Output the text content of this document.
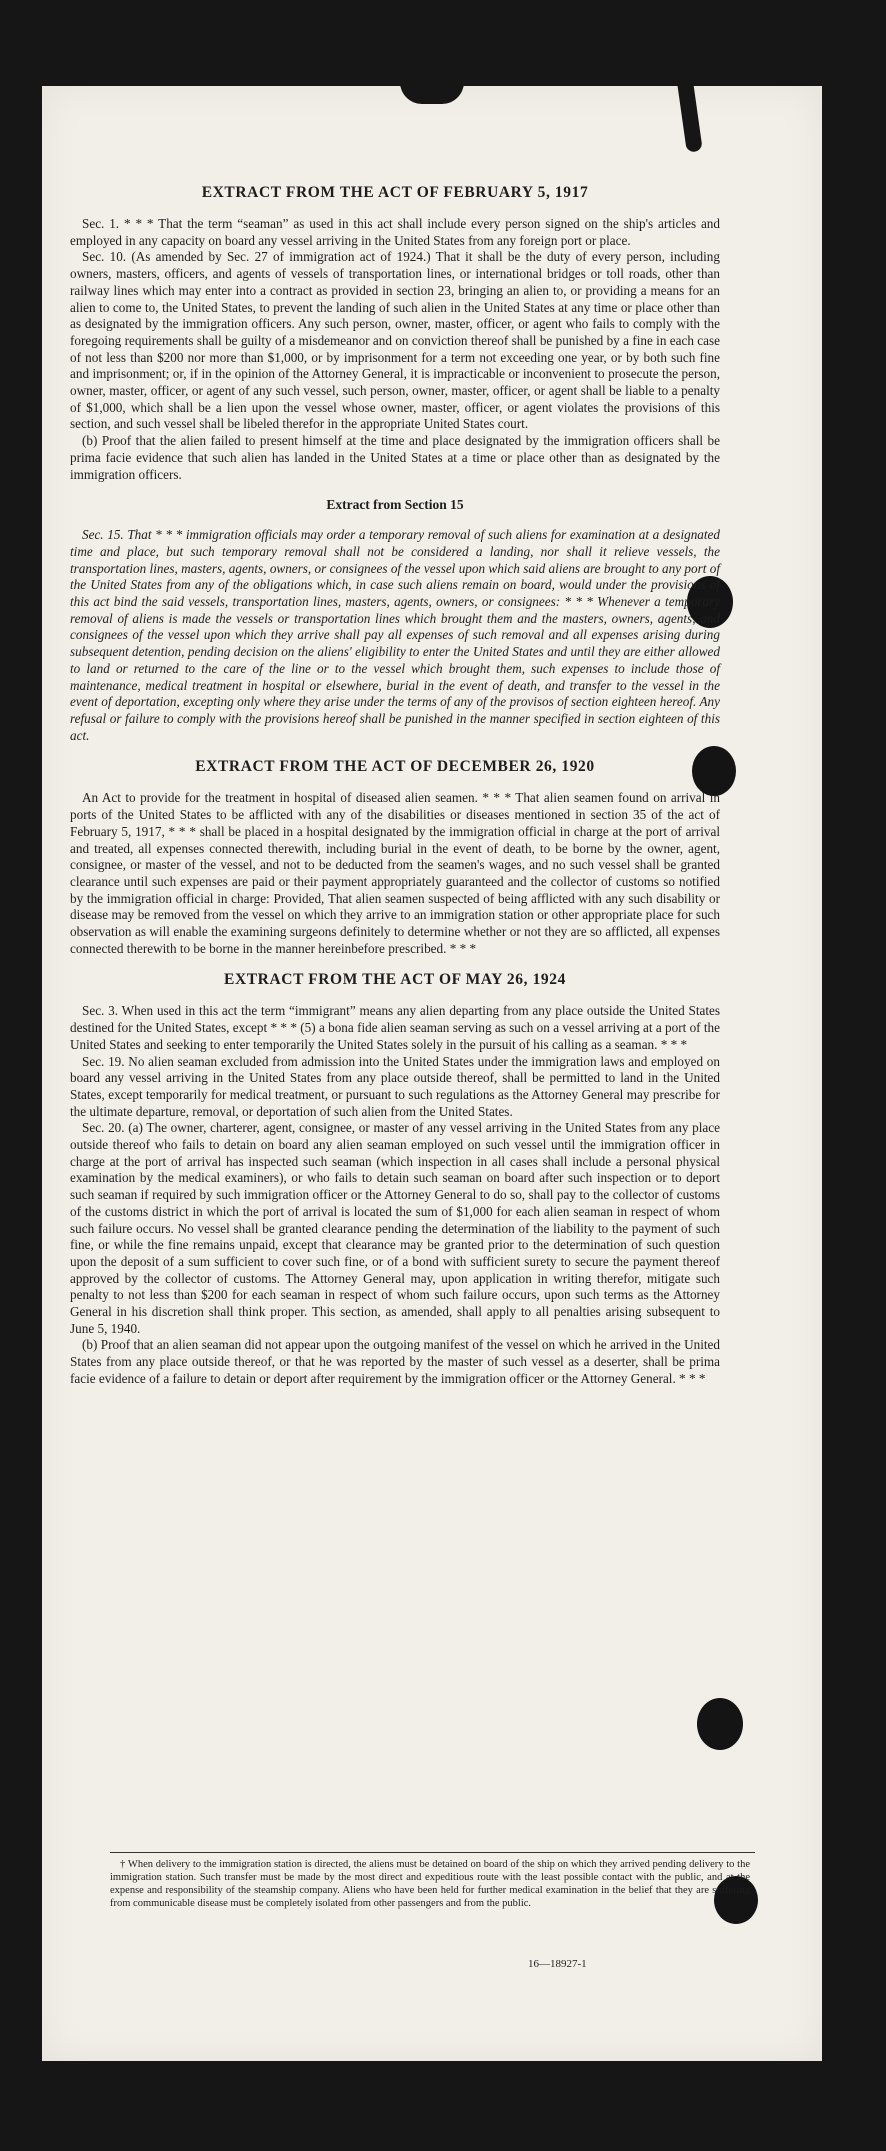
EXTRACT FROM THE ACT OF FEBRUARY 5, 1917

Sec. 1. * * * That the term “seaman” as used in this act shall include every person signed on the ship's articles and employed in any capacity on board any vessel arriving in the United States from any foreign port or place.

Sec. 10. (As amended by Sec. 27 of immigration act of 1924.) That it shall be the duty of every person, including owners, masters, officers, and agents of vessels of transportation lines, or international bridges or toll roads, other than railway lines which may enter into a contract as provided in section 23, bringing an alien to, or providing a means for an alien to come to, the United States, to prevent the landing of such alien in the United States at any time or place other than as designated by the immigration officers. Any such person, owner, master, officer, or agent who fails to comply with the foregoing requirements shall be guilty of a misdemeanor and on conviction thereof shall be punished by a fine in each case of not less than $200 nor more than $1,000, or by imprisonment for a term not exceeding one year, or by both such fine and imprisonment; or, if in the opinion of the Attorney General, it is impracticable or inconvenient to prosecute the person, owner, master, officer, or agent of any such vessel, such person, owner, master, officer, or agent shall be liable to a penalty of $1,000, which shall be a lien upon the vessel whose owner, master, officer, or agent violates the provisions of this section, and such vessel shall be libeled therefor in the appropriate United States court.

(b) Proof that the alien failed to present himself at the time and place designated by the immigration officers shall be prima facie evidence that such alien has landed in the United States at a time or place other than as designated by the immigration officers.

Extract from Section 15

Sec. 15. That * * * immigration officials may order a temporary removal of such aliens for examination at a designated time and place, but such temporary removal shall not be considered a landing, nor shall it relieve vessels, the transportation lines, masters, agents, owners, or consignees of the vessel upon which said aliens are brought to any port of the United States from any of the obligations which, in case such aliens remain on board, would under the provisions of this act bind the said vessels, transportation lines, masters, agents, owners, or consignees: * * * Whenever a temporary removal of aliens is made the vessels or transportation lines which brought them and the masters, owners, agents, and consignees of the vessel upon which they arrive shall pay all expenses of such removal and all expenses arising during subsequent detention, pending decision on the aliens' eligibility to enter the United States and until they are either allowed to land or returned to the care of the line or to the vessel which brought them, such expenses to include those of maintenance, medical treatment in hospital or elsewhere, burial in the event of death, and transfer to the vessel in the event of deportation, excepting only where they arise under the terms of any of the provisos of section eighteen hereof. Any refusal or failure to comply with the provisions hereof shall be punished in the manner specified in section eighteen of this act.

EXTRACT FROM THE ACT OF DECEMBER 26, 1920

An Act to provide for the treatment in hospital of diseased alien seamen. * * * That alien seamen found on arrival in ports of the United States to be afflicted with any of the disabilities or diseases mentioned in section 35 of the act of February 5, 1917, * * * shall be placed in a hospital designated by the immigration official in charge at the port of arrival and treated, all expenses connected therewith, including burial in the event of death, to be borne by the owner, agent, consignee, or master of the vessel, and not to be deducted from the seamen's wages, and no such vessel shall be granted clearance until such expenses are paid or their payment appropriately guaranteed and the collector of customs so notified by the immigration official in charge: Provided, That alien seamen suspected of being afflicted with any such disability or disease may be removed from the vessel on which they arrive to an immigration station or other appropriate place for such observation as will enable the examining surgeons definitely to determine whether or not they are so afflicted, all expenses connected therewith to be borne in the manner hereinbefore prescribed. * * *

EXTRACT FROM THE ACT OF MAY 26, 1924

Sec. 3. When used in this act the term “immigrant” means any alien departing from any place outside the United States destined for the United States, except * * * (5) a bona fide alien seaman serving as such on a vessel arriving at a port of the United States and seeking to enter temporarily the United States solely in the pursuit of his calling as a seaman. * * *

Sec. 19. No alien seaman excluded from admission into the United States under the immigration laws and employed on board any vessel arriving in the United States from any place outside thereof, shall be permitted to land in the United States, except temporarily for medical treatment, or pursuant to such regulations as the Attorney General may prescribe for the ultimate departure, removal, or deportation of such alien from the United States.

Sec. 20. (a) The owner, charterer, agent, consignee, or master of any vessel arriving in the United States from any place outside thereof who fails to detain on board any alien seaman employed on such vessel until the immigration officer in charge at the port of arrival has inspected such seaman (which inspection in all cases shall include a personal physical examination by the medical examiners), or who fails to detain such seaman on board after such inspection or to deport such seaman if required by such immigration officer or the Attorney General to do so, shall pay to the collector of customs of the customs district in which the port of arrival is located the sum of $1,000 for each alien seaman in respect of whom such failure occurs. No vessel shall be granted clearance pending the determination of the liability to the payment of such fine, or while the fine remains unpaid, except that clearance may be granted prior to the determination of such question upon the deposit of a sum sufficient to cover such fine, or of a bond with sufficient surety to secure the payment thereof approved by the collector of customs. The Attorney General may, upon application in writing therefor, mitigate such penalty to not less than $200 for each seaman in respect of whom such failure occurs, upon such terms as the Attorney General in his discretion shall think proper. This section, as amended, shall apply to all penalties arising subsequent to June 5, 1940.

(b) Proof that an alien seaman did not appear upon the outgoing manifest of the vessel on which he arrived in the United States from any place outside thereof, or that he was reported by the master of such vessel as a deserter, shall be prima facie evidence of a failure to detain or deport after requirement by the immigration officer or the Attorney General. * * *

† When delivery to the immigration station is directed, the aliens must be detained on board of the ship on which they arrived pending delivery to the immigration station. Such transfer must be made by the most direct and expeditious route with the least possible contact with the public, and at the expense and responsibility of the steamship company. Aliens who have been held for further medical examination in the belief that they are suffering from communicable disease must be completely isolated from other passengers and from the public.
16—18927-1
